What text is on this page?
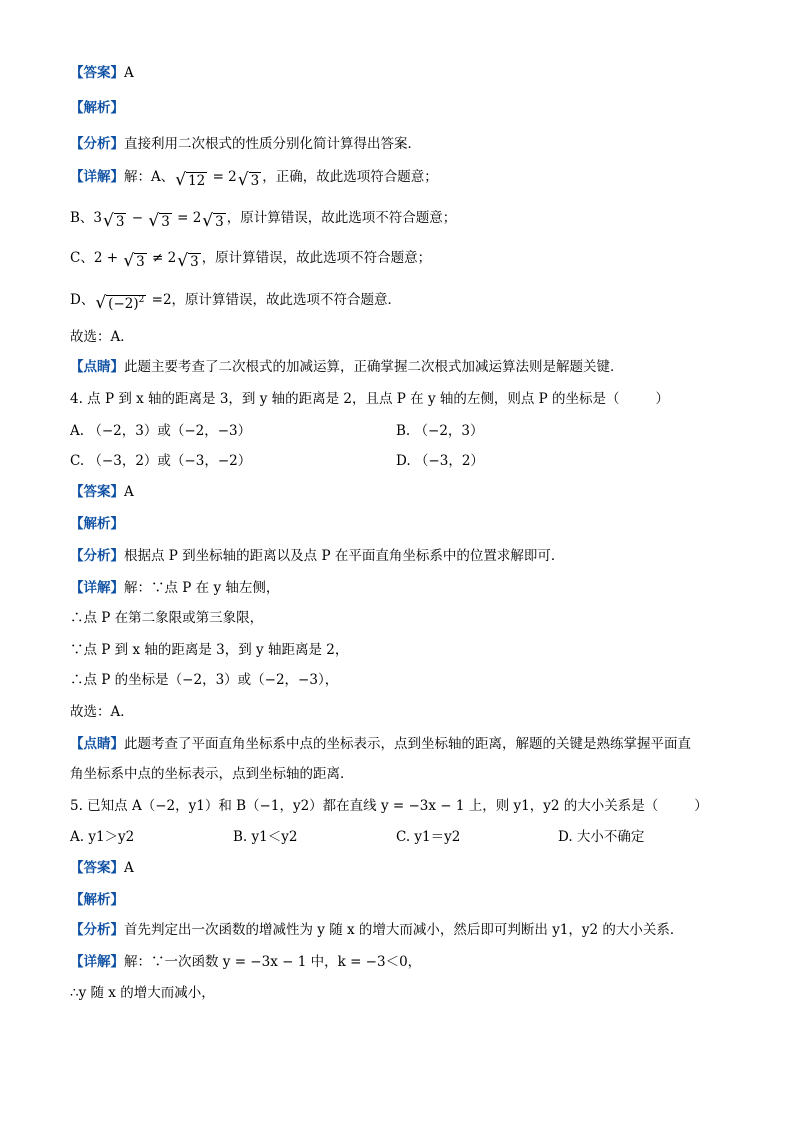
【答案】A
【解析】
【分析】直接利用二次根式的性质分别化简计算得出答案．
【详解】解：A、 √ 12 = 2 √ 3 ，正确，故此选项符合题意；
B、3 √ 3 − √ 3 = 2 √ 3 ，原计算错误，故此选项不符合题意；
C、2 + √ 3 ≠ 2 √ 3 ，原计算错误，故此选项不符合题意；
D、 √ $(-2)^2 =2$，原计算错误，故此选项不符合题意．
故选：A．
【点睛】此题主要考查了二次根式的加减运算，正确掌握二次根式加减运算法则是解题关键．
4. 点 P 到 x 轴的距离是 3，到 y 轴的距离是 2，且点 P 在 y 轴的左侧，则点 P 的坐标是（	）
A. （−2，3）或（−2，−3）	B. （−2，3）
C. （−3，2）或（−3，−2）	D. （−3，2）
【答案】A
【解析】
【分析】根据点 P 到坐标轴的距离以及点 P 在平面直角坐标系中的位置求解即可．
【详解】解：∵点 P 在 y 轴左侧，
∴点 P 在第二象限或第三象限，
∵点 P 到 x 轴的距离是 3，到 y 轴距离是 2，
∴点 P 的坐标是（−2，3）或（−2，−3），
故选：A．
【点睛】此题考查了平面直角坐标系中点的坐标表示，点到坐标轴的距离，解题的关键是熟练掌握平面直
角坐标系中点的坐标表示，点到坐标轴的距离．
5. 已知点 A（−2，y1）和 B（−1，y2）都在直线 y = −3x − 1 上，则 y1，y2 的大小关系是（	）
A. y1＞y2	B. y1＜y2	C. y1＝y2	D. 大小不确定
【答案】A
【解析】
【分析】首先判定出一次函数的增减性为 y 随 x 的增大而减小，然后即可判断出 y1，y2 的大小关系．
【详解】解：∵一次函数 y = −3x − 1 中，k = −3＜0，
∴y 随 x 的增大而减小，
